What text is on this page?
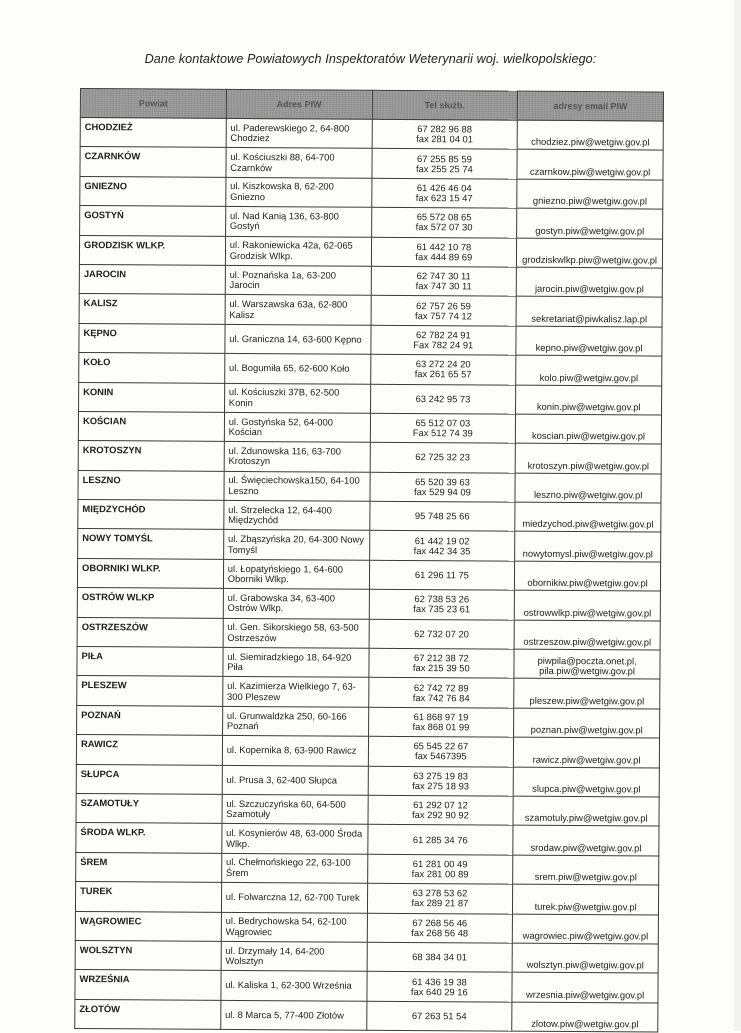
Dane kontaktowe Powiatowych Inspektoratów Weterynarii woj. wielkopolskiego:
Powiat	Adres PIW	Tel służb.	adresy email PIW
CHODZIEŻ	ul. Paderewskiego 2, 64-800 Chodzież	67 282 96 88
fax 281 04 01	chodziez.piw@wetgiw.gov.pl

CZARNKÓW	ul. Kościuszki 88, 64-700 Czarnków	67 255 85 59
fax 255 25 74	czarnkow.piw@wetgiw.gov.pl

GNIEZNO	ul. Kiszkowska 8, 62-200 Gniezno	61 426 46 04
fax 623 15 47	gniezno.piw@wetgiw.gov.pl

GOSTYŃ	ul. Nad Kanią 136, 63-800 Gostyń	65 572 08 65
fax 572 07 30	gostyn.piw@wetgiw.gov.pl

GRODZISK WLKP.	ul. Rakoniewicka 42a, 62-065 Grodzisk Wlkp.	61 442 10 78
fax 444 89 69	grodziskwlkp.piw@wetgiw.gov.pl

JAROCIN	ul. Poznańska 1a, 63-200 Jarocin	62 747 30 11
fax 747 30 11	jarocin.piw@wetgiw.gov.pl

KALISZ	ul. Warszawska 63a, 62-800 Kalisz	62 757 26 59
fax 757 74 12	sekretariat@piwkalisz.lap.pl

KĘPNO	ul. Graniczna 14, 63-600 Kępno	62 782 24 91
Fax 782 24 91	kepno.piw@wetgiw.gov.pl

KOŁO	ul. Bogumiła 65, 62-600 Koło	63 272 24 20
fax 261 65 57	kolo.piw@wetgiw.gov.pl

KONIN	ul. Kościuszki 37B, 62-500 Konin	63 242 95 73	konin.piw@wetgiw.gov.pl

KOŚCIAN	ul. Gostyńska 52, 64-000 Kościan	65 512 07 03
Fax 512 74 39	koscian.piw@wetgiw.gov.pl

KROTOSZYN	ul. Zdunowska 116, 63-700 Krotoszyn	62 725 32 23	krotoszyn.piw@wetgiw.gov.pl

LESZNO	ul. Święciechowska150, 64-100 Leszno	65 520 39 63
fax 529 94 09	leszno.piw@wetgiw.gov.pl

MIĘDZYCHÓD	ul. Strzelecka 12, 64-400 Międzychód	95 748 25 66	miedzychod.piw@wetgiw.gov.pl

NOWY TOMYŚL	ul. Zbąszyńska 20, 64-300 Nowy Tomyśl	61 442 19 02
fax 442 34 35	nowytomysl.piw@wetgiw.gov.pl

OBORNIKI WLKP.	ul. Łopatyńskiego 1, 64-600 Oborniki Wlkp.	61 296 11 75	obornikiw.piw@wetgiw.gov.pl

OSTRÓW WLKP	ul. Grabowska 34, 63-400 Ostrów Wlkp.	62 738 53 26
fax 735 23 61	ostrowwlkp.piw@wetgiw.gov.pl

OSTRZESZÓW	ul. Gen. Sikorskiego 58, 63-500 Ostrzeszów	62 732 07 20	ostrzeszow.piw@wetgiw.gov.pl

PIŁA	ul. Siemiradzkiego 18, 64-920 Piła	67 212 38 72
fax 215 39 50	piwpila@poczta.onet.pl,
pila.piw@wetgiw.gov.pl

PLESZEW	ul. Kazimierza Wielkiego 7, 63-300 Pleszew	62 742 72 89
fax 742 76 84	pleszew.piw@wetgiw.gov.pl

POZNAŃ	ul. Grunwaldzka 250, 60-166 Poznań	61 868 97 19
fax 868 01 99	poznan.piw@wetgiw.gov.pl

RAWICZ	ul. Kopernika 8, 63-900 Rawicz	65 545 22 67
fax 5467395	rawicz.piw@wetgiw.gov.pl

SŁUPCA	ul. Prusa 3, 62-400 Słupca	63 275 19 83
fax 275 18 93	slupca.piw@wetgiw.gov.pl

SZAMOTUŁY	ul. Szczuczyńska 60, 64-500 Szamotuły	61 292 07 12
fax 292 90 92	szamotuly.piw@wetgiw.gov.pl

ŚRODA WLKP.	ul. Kosynierów 48, 63-000 Środa Wlkp.	61 285 34 76	srodaw.piw@wetgiw.gov.pl

ŚREM	ul. Chełmońskiego 22, 63-100 Śrem	61 281 00 49
fax 281 00 89	srem.piw@wetgiw.gov.pl

TUREK	ul. Folwarczna 12, 62-700 Turek	63 278 53 62
fax 289 21 87	turek.piw@wetgiw.gov.pl

WĄGROWIEC	ul. Bedrychowska 54, 62-100 Wągrowiec	67 268 56 46
fax 268 56 48	wagrowiec.piw@wetgiw.gov.pl

WOLSZTYN	ul. Drzymały 14, 64-200 Wolsztyn	68 384 34 01	wolsztyn.piw@wetgiw.gov.pl

WRZEŚNIA	ul. Kaliska 1, 62-300 Września	61 436 19 38
fax 640 29 16	wrzesnia.piw@wetgiw.gov.pl

ZŁOTÓW	ul. 8 Marca 5, 77-400 Złotów	67 263 51 54	zlotow.piw@wetgiw.gov.pl
